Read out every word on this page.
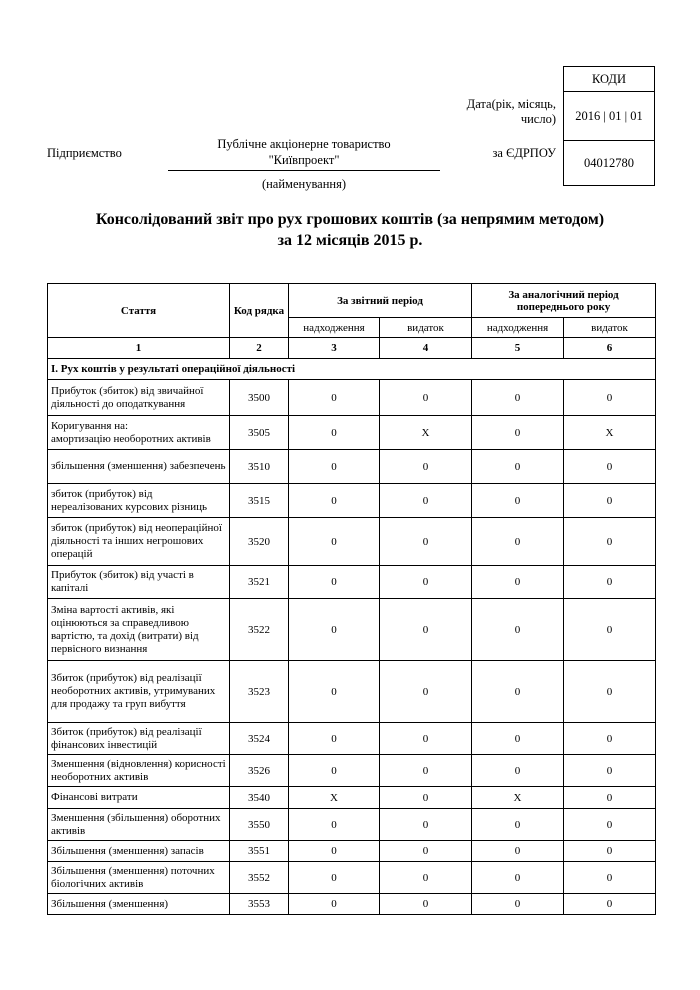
КОДИ
2016 | 01 | 01
04012780
Дата(рік, місяць,
число)
за ЄДРПОУ
Підприємство
Публічне акціонерне товариство
"Київпроект"
(найменування)
Консолідований звіт про рух грошових коштів (за непрямим методом)
за 12 місяців 2015 р.
Стаття	Код рядка	За звітний період		За аналогічний період попереднього року	
		надходження	видаток	надходження	видаток
1	2	3	4	5	6
I. Рух коштів у результаті операційної діяльності					
Прибуток (збиток) від звичайної діяльності до оподаткування	3500	0	0	0	0
Коригування на:
амортизацію необоротних активів	3505	0	X	0	X
збільшення (зменшення) забезпечень	3510	0	0	0	0
збиток (прибуток) від нереалізованих курсових різниць	3515	0	0	0	0
збиток (прибуток) від неопераційної діяльності та інших негрошових операцій	3520	0	0	0	0
Прибуток (збиток) від участі в капіталі	3521	0	0	0	0
Зміна вартості активів, які оцінюються за справедливою вартістю, та дохід (витрати) від первісного визнання	3522	0	0	0	0
Збиток (прибуток) від реалізації необоротних активів, утримуваних для продажу та груп вибуття	3523	0	0	0	0
Збиток (прибуток) від реалізації фінансових інвестицій	3524	0	0	0	0
Зменшення (відновлення) корисності необоротних активів	3526	0	0	0	0
Фінансові витрати	3540	X	0	X	0
Зменшення (збільшення) оборотних активів	3550	0	0	0	0
Збільшення (зменшення) запасів	3551	0	0	0	0
Збільшення (зменшення) поточних біологічних активів	3552	0	0	0	0
Збільшення (зменшення)	3553	0	0	0	0
